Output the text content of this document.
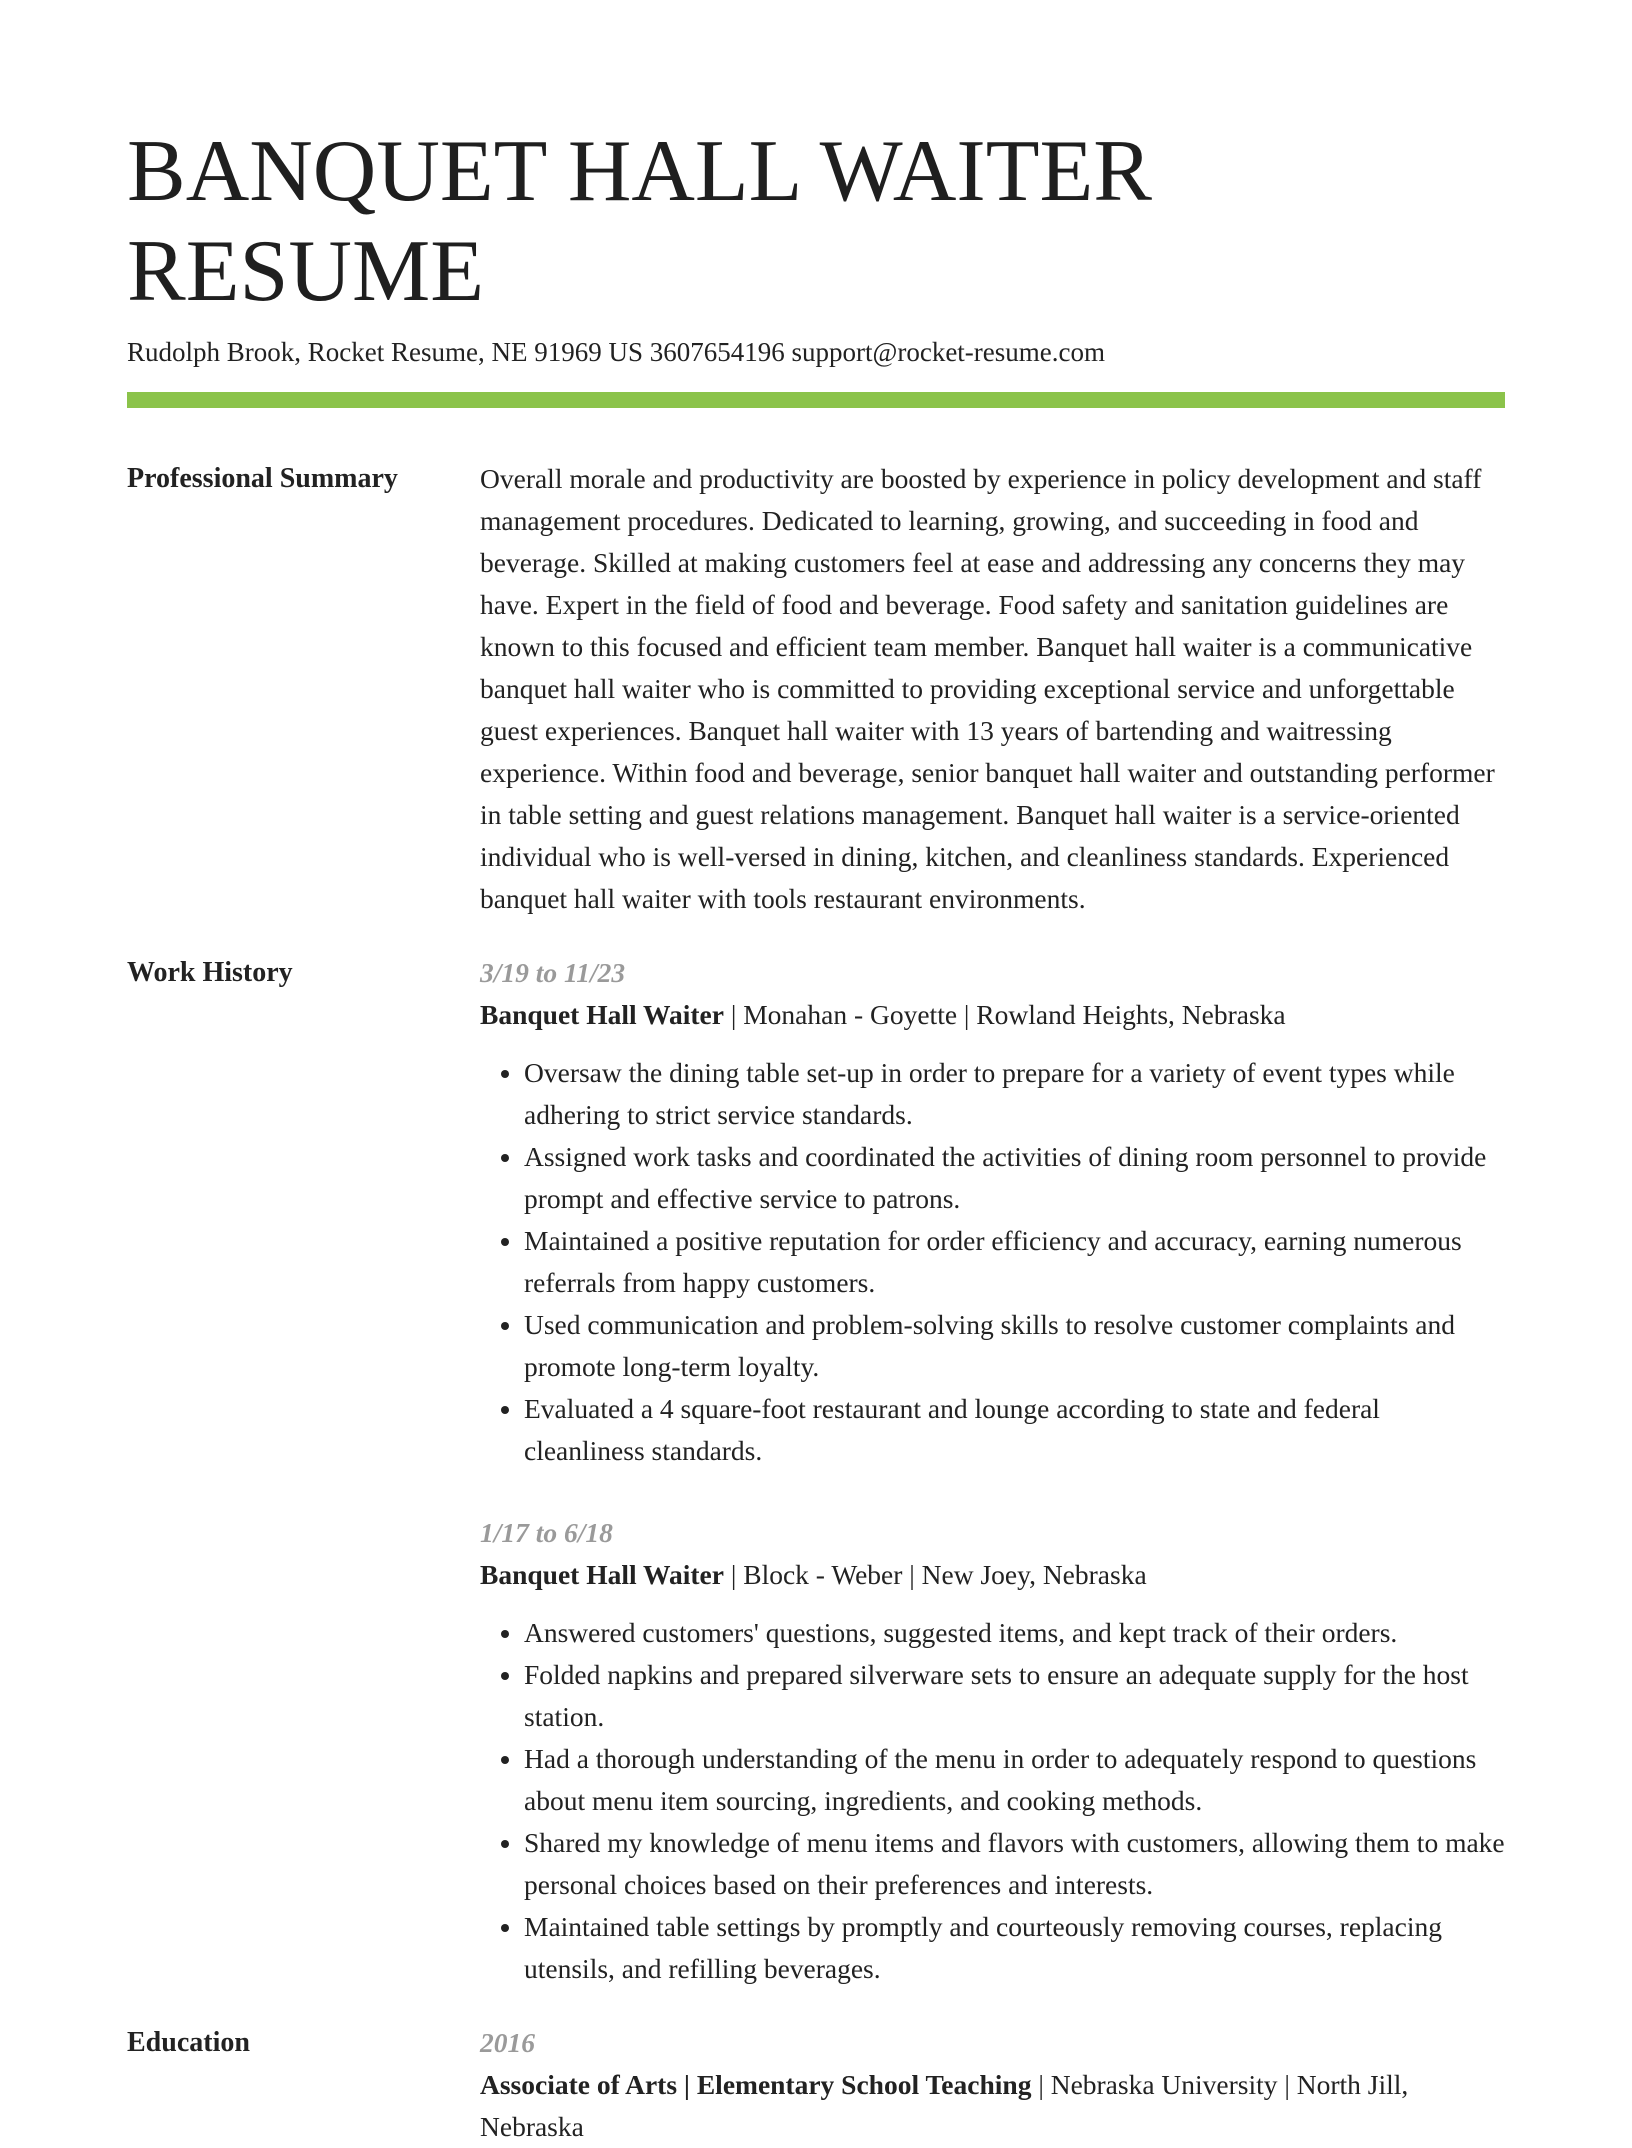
BANQUET HALL WAITER RESUME
Rudolph Brook, Rocket Resume, NE 91969 US 3607654196 support@rocket-resume.com
Professional Summary	Overall morale and productivity are boosted by experience in policy development and staff management procedures. Dedicated to learning, growing, and succeeding in food and beverage. Skilled at making customers feel at ease and addressing any concerns they may have. Expert in the field of food and beverage. Food safety and sanitation guidelines are known to this focused and efficient team member. Banquet hall waiter is a communicative banquet hall waiter who is committed to providing exceptional service and unforgettable guest experiences. Banquet hall waiter with 13 years of bartending and waitressing experience. Within food and beverage, senior banquet hall waiter and outstanding performer in table setting and guest relations management. Banquet hall waiter is a service-oriented individual who is well-versed in dining, kitchen, and cleanliness standards. Experienced banquet hall waiter with tools restaurant environments.
Work History	3/19 to 11/23
Banquet Hall Waiter | Monahan - Goyette | Rowland Heights, Nebraska
• Oversaw the dining table set-up in order to prepare for a variety of event types while adhering to strict service standards.
• Assigned work tasks and coordinated the activities of dining room personnel to provide prompt and effective service to patrons.
• Maintained a positive reputation for order efficiency and accuracy, earning numerous referrals from happy customers.
• Used communication and problem-solving skills to resolve customer complaints and promote long-term loyalty.
• Evaluated a 4 square-foot restaurant and lounge according to state and federal cleanliness standards.
1/17 to 6/18
Banquet Hall Waiter | Block - Weber | New Joey, Nebraska
• Answered customers' questions, suggested items, and kept track of their orders.
• Folded napkins and prepared silverware sets to ensure an adequate supply for the host station.
• Had a thorough understanding of the menu in order to adequately respond to questions about menu item sourcing, ingredients, and cooking methods.
• Shared my knowledge of menu items and flavors with customers, allowing them to make personal choices based on their preferences and interests.
• Maintained table settings by promptly and courteously removing courses, replacing utensils, and refilling beverages.
Education	2016
Associate of Arts | Elementary School Teaching | Nebraska University | North Jill, Nebraska
